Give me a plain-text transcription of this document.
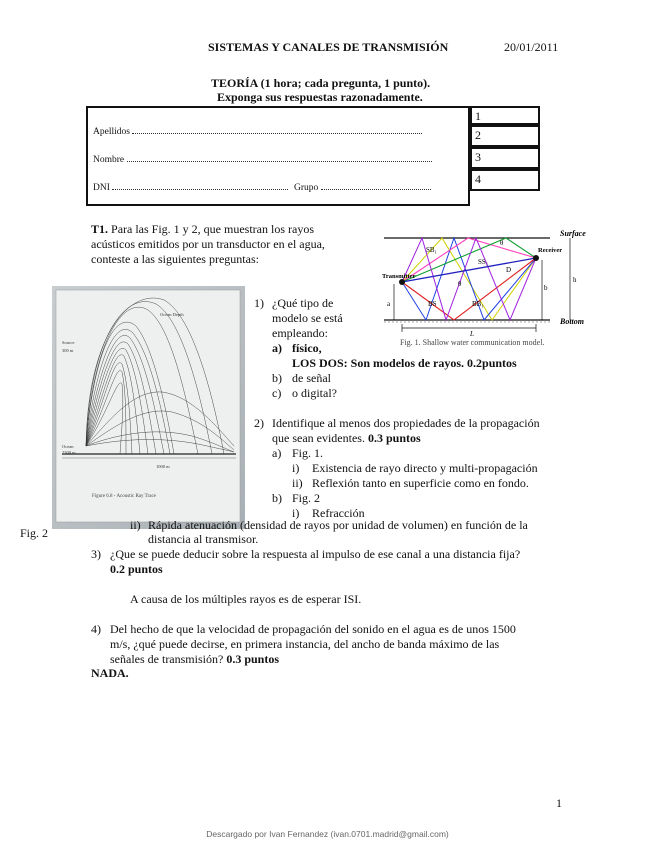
SISTEMAS Y CANALES DE TRANSMISIÓN	20/01/2011
TEORÍA (1 hora; cada pregunta, 1 punto).
Exponga sus respuestas razonadamente.
Apellidos
Nombre
DNI	Grupo
1
2
3
4
T1. Para las Fig. 1 y 2, que muestran los rayos
acústicos emitidos por un transductor en el agua,
conteste a las siguientes preguntas:
Surface
Bottom
Transmitter
Receiver
SB₁
SS₁
D
BS	BB₁
θ
θ
a
b
h
L
Fig. 1. Shallow water communication model.
Ocean Depth
Source
300 m
Ocean
2300 m
1000 m
Figure 6.8 - Acoustic Ray Trace
Fig. 2
1) ¿Qué tipo de
modelo se está
empleando:
a) físico,
LOS DOS: Son modelos de rayos. 0.2puntos
b) de señal
c) o digital?
2) Identifique al menos dos propiedades de la propagación
que sean evidentes. 0.3 puntos
a) Fig. 1.
i) Existencia de rayo directo y multi-propagación
ii) Reflexión tanto en superficie como en fondo.
b) Fig. 2
i) Refracción
ii) Rápida atenuación (densidad de rayos por unidad de volumen) en función de la
distancia al transmisor.
3) ¿Que se puede deducir sobre la respuesta al impulso de ese canal a una distancia fija?
0.2 puntos
A causa de los múltiples rayos es de esperar ISI.
4) Del hecho de que la velocidad de propagación del sonido en el agua es de unos 1500
m/s, ¿qué puede decirse, en primera instancia, del ancho de banda máximo de las
señales de transmisión? 0.3 puntos
NADA.
1
Descargado por Ivan Fernandez (ivan.0701.madrid@gmail.com)
